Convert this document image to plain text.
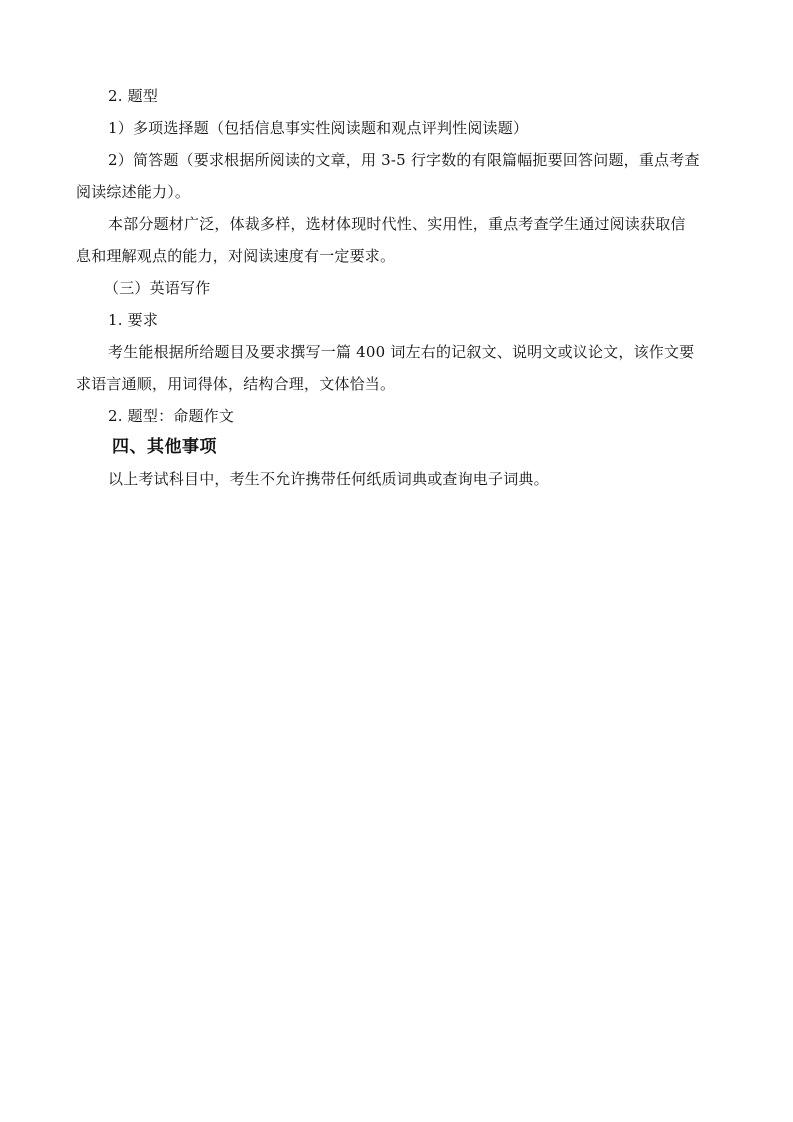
2. 题型
1）多项选择题（包括信息事实性阅读题和观点评判性阅读题）
2）简答题（要求根据所阅读的文章，用 3-5 行字数的有限篇幅扼要回答问题，重点考查
阅读综述能力）。
本部分题材广泛，体裁多样，选材体现时代性、实用性，重点考查学生通过阅读获取信
息和理解观点的能力，对阅读速度有一定要求。
（三）英语写作
1. 要求
考生能根据所给题目及要求撰写一篇 400 词左右的记叙文、说明文或议论文，该作文要
求语言通顺，用词得体，结构合理，文体恰当。
2. 题型：命题作文
四、其他事项
以上考试科目中，考生不允许携带任何纸质词典或查询电子词典。
